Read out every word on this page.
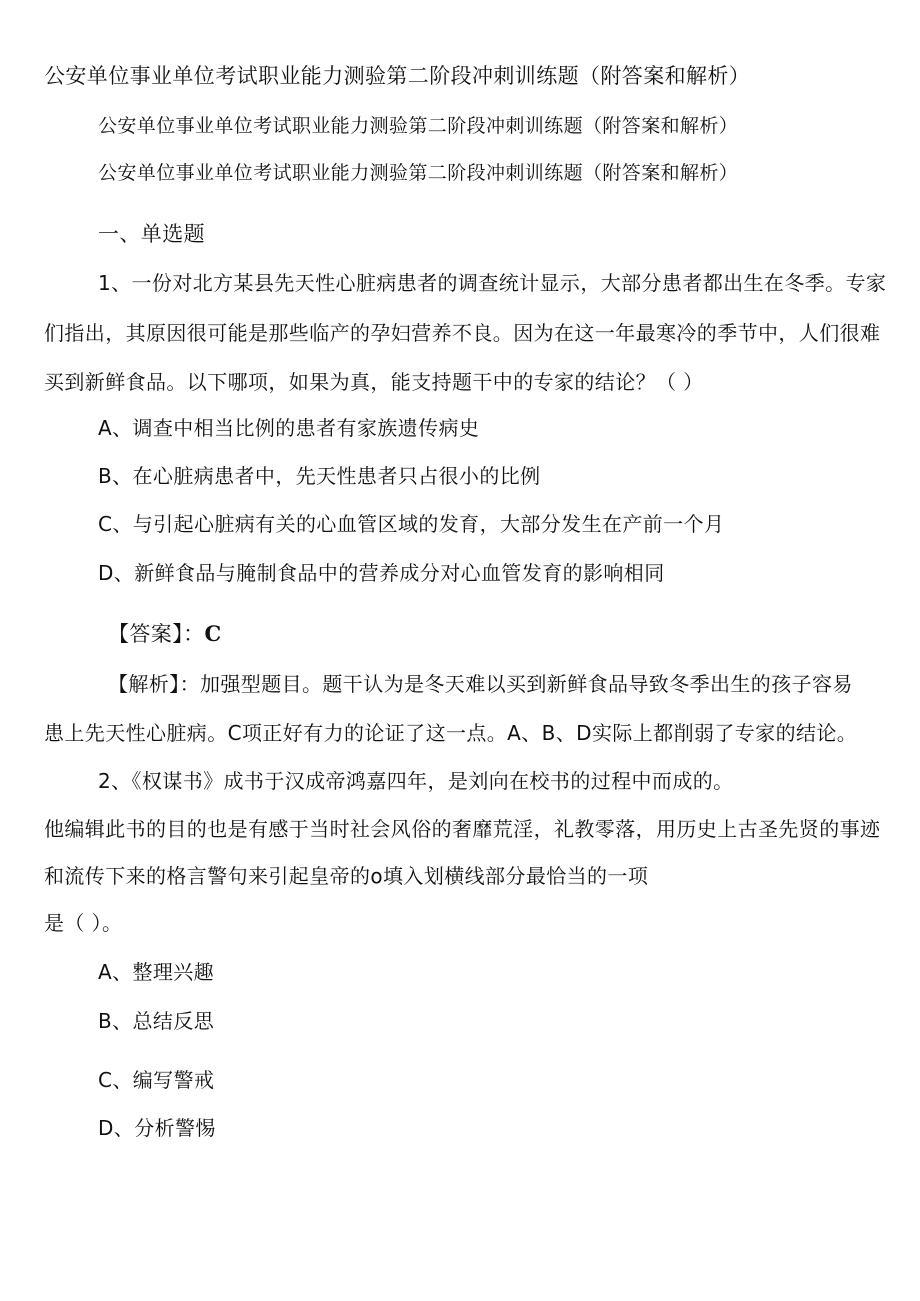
公安单位事业单位考试职业能力测验第二阶段冲刺训练题（附答案和解析）
公安单位事业单位考试职业能力测验第二阶段冲刺训练题（附答案和解析）
公安单位事业单位考试职业能力测验第二阶段冲刺训练题（附答案和解析）
一、单选题
1、一份对北方某县先天性心脏病患者的调查统计显示，大部分患者都出生在冬季。专家
们指出，其原因很可能是那些临产的孕妇营养不良。因为在这一年最寒冷的季节中，人们很难
买到新鲜食品。以下哪项，如果为真，能支持题干中的专家的结论？（ ）
A、调查中相当比例的患者有家族遗传病史
B、在心脏病患者中，先天性患者只占很小的比例
C、与引起心脏病有关的心血管区域的发育，大部分发生在产前一个月
D、新鲜食品与腌制食品中的营养成分对心血管发育的影响相同
【答案】：C
【解析】：加强型题目。题干认为是冬天难以买到新鲜食品导致冬季出生的孩子容易
患上先天性心脏病。C项正好有力的论证了这一点。A、B、D实际上都削弱了专家的结论。
2、《权谋书》成书于汉成帝鸿嘉四年，是刘向在校书的过程中而成的。
他编辑此书的目的也是有感于当时社会风俗的奢靡荒淫，礼教零落，用历史上古圣先贤的事迹
和流传下来的格言警句来引起皇帝的ο填入划横线部分最恰当的一项
是（ ）。
A、整理兴趣
B、总结反思
C、编写警戒
D、分析警惕
